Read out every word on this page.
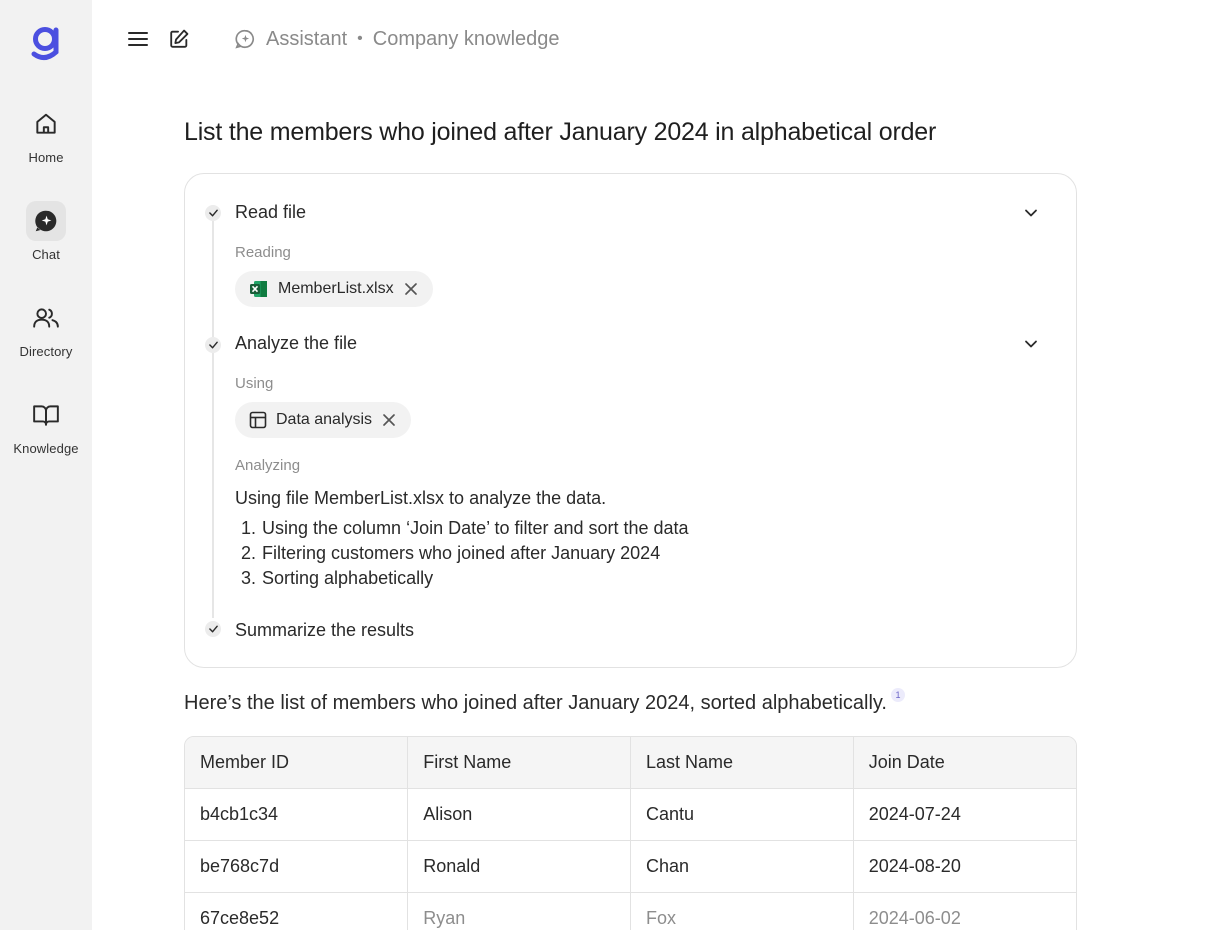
Home
Chat
Directory
Knowledge
Assistant • Company knowledge
List the members who joined after January 2024 in alphabetical order
Read file
Reading
MemberList.xlsx
Analyze the file
Using
Data analysis
Analyzing
Using file MemberList.xlsx to analyze the data.
1. Using the column ‘Join Date’ to filter and sort the data
2. Filtering customers who joined after January 2024
3. Sorting alphabetically
Summarize the results
Here’s the list of members who joined after January 2024, sorted alphabetically. 1
Member ID	First Name	Last Name	Join Date
b4cb1c34	Alison	Cantu	2024-07-24
be768c7d	Ronald	Chan	2024-08-20
67ce8e52	Ryan	Fox	2024-06-02
